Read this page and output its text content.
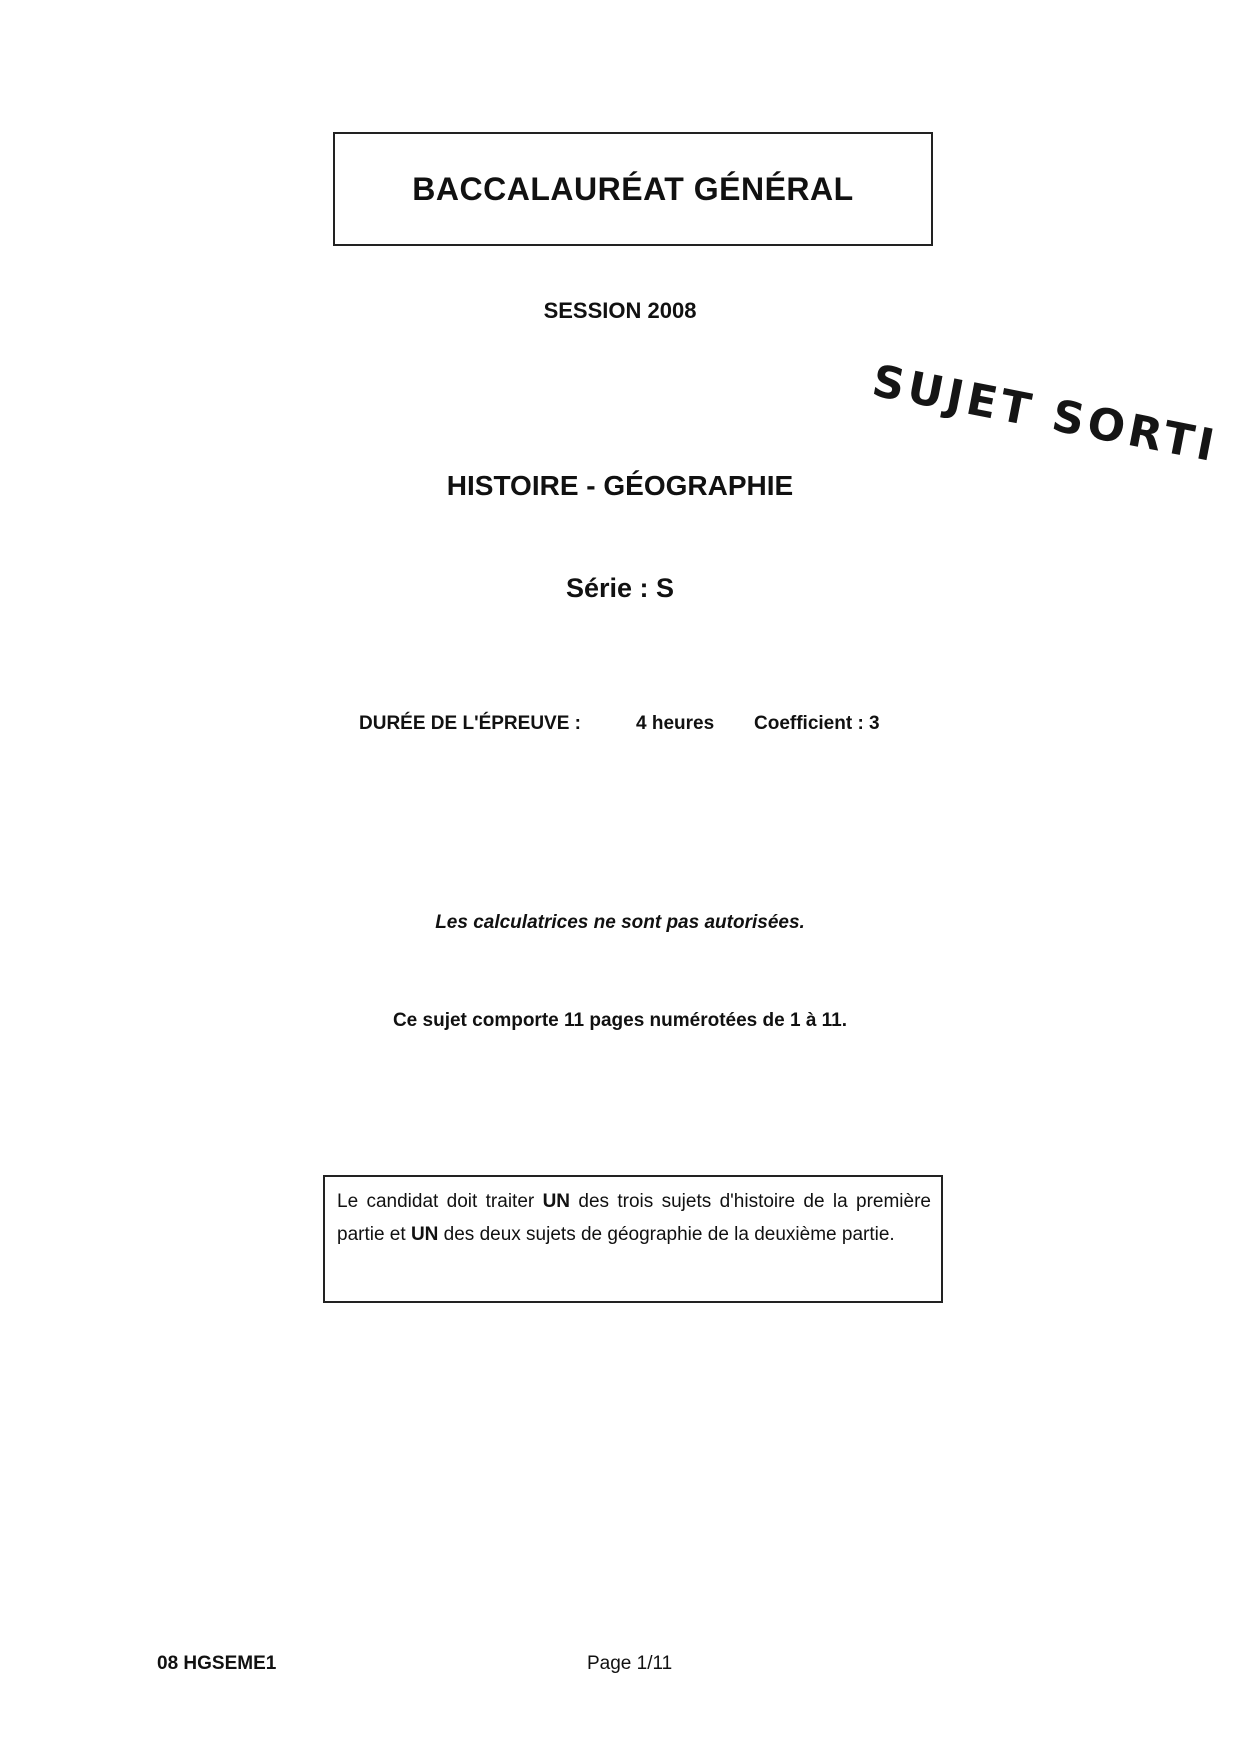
BACCALAURÉAT GÉNÉRAL
SESSION 2008
SUJET SORTI
HISTOIRE - GÉOGRAPHIE
Série : S
DURÉE DE L'ÉPREUVE :	4 heures Coefficient : 3
Les calculatrices ne sont pas autorisées.
Ce sujet comporte 11 pages numérotées de 1 à 11.
Le candidat doit traiter UN des trois sujets d'histoire de la première partie et UN des deux sujets de géographie de la deuxième partie.
08 HGSEME1	Page 1/11
